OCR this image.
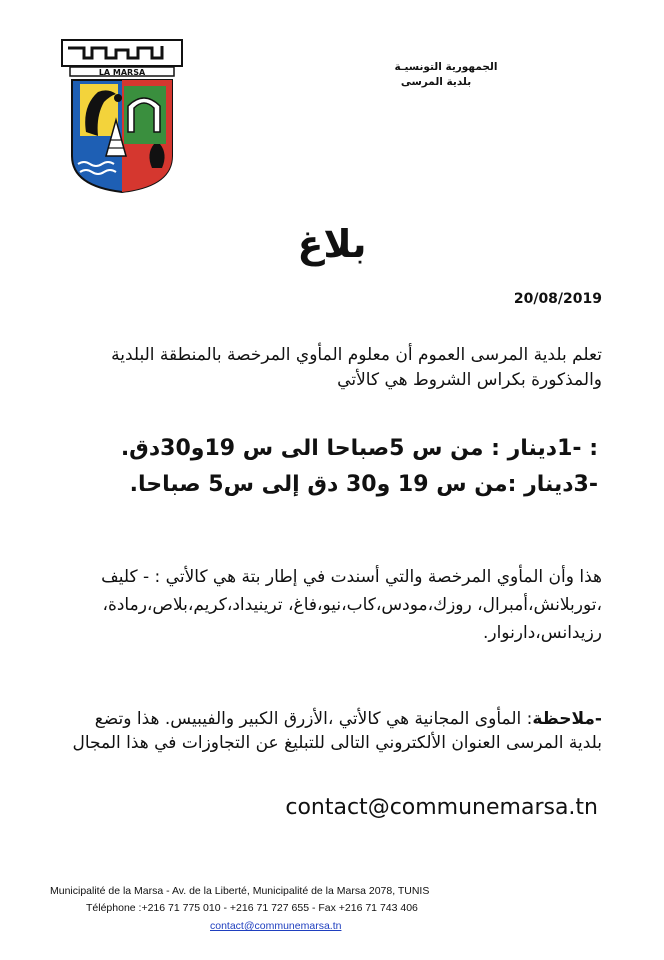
LA MARSA	الجمهورية التونسيـة
بلدية المرسى
بلاغ
20/08/2019
تعلم بلدية المرسى العموم أن معلوم المأوي المرخصة بالمنطقة البلدية والمذكورة بكراس الشروط هي كالأتي
: -1دينار : من س 5صباحا الى س 19و30دق.
-3دينار :من س 19 و30 دق إلى س5 صباحا.
هذا وأن المأوي المرخصة والتي أسندت في إطار بتة هي كالأتي : - كليف ،توربلانش،أمبرال، روزك،مودس،كاب،نيو،فاغ، ترينيداد،كريم،بلاص،رمادة، رزيدانس،دارنوار.
-ملاحظة: المأوى المجانية هي كالأتي ،الأزرق الكبير والفيبيس. هذا وتضع بلدية المرسى العنوان الألكتروني التالى للتبليغ عن التجاوزات في هذا المجال
contact@communemarsa.tn
Municipalité de la Marsa - Av. de la Liberté, Municipalité de la Marsa 2078, TUNIS
Téléphone :+216 71 775 010 - +216 71 727 655 - Fax +216 71 743 406
contact@communemarsa.tn
